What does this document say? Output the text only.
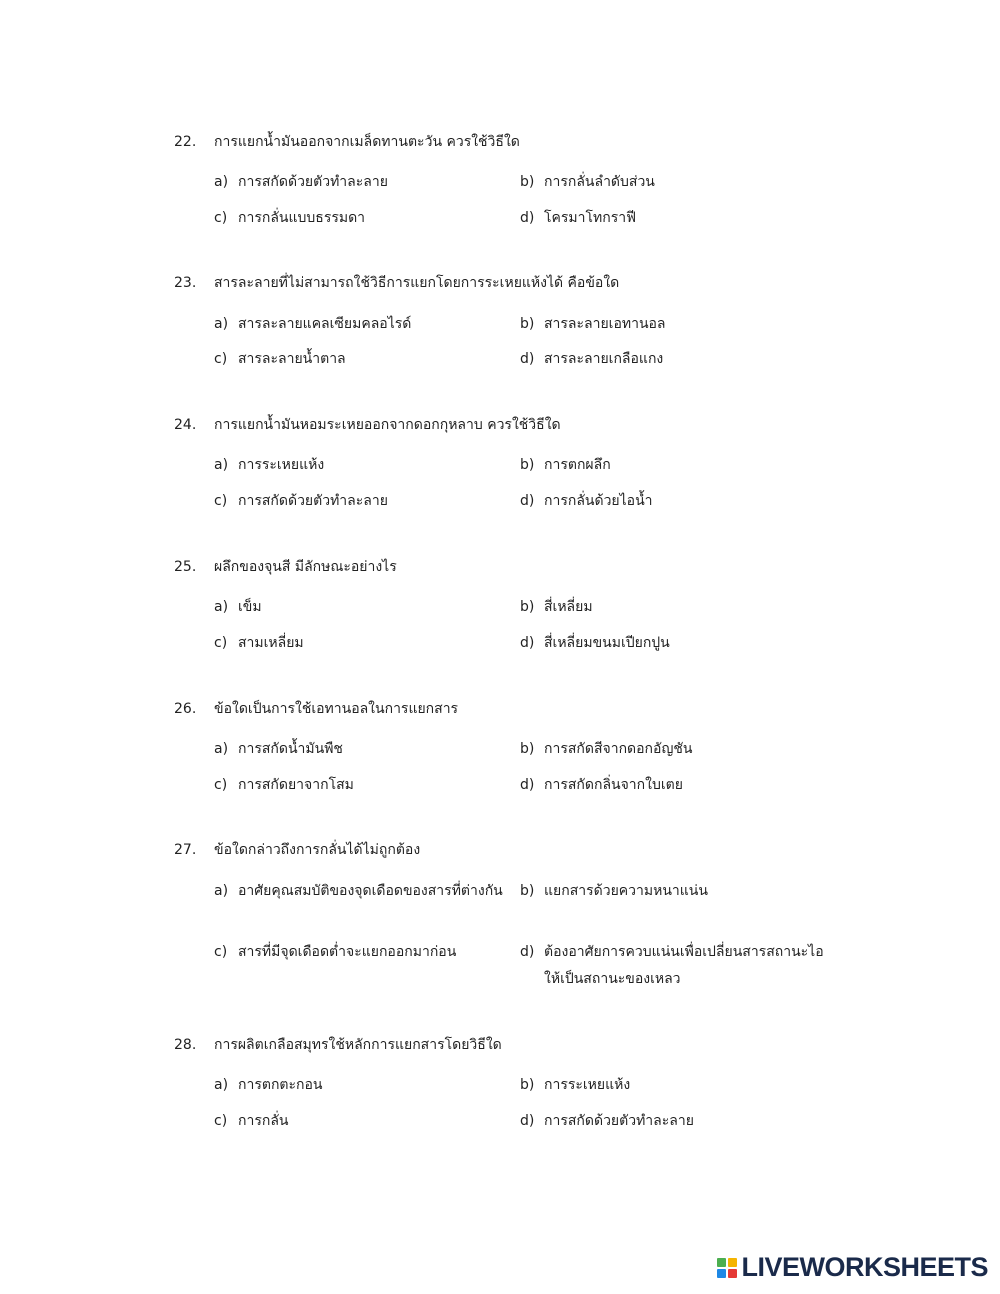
22. การแยกน้ำมันออกจากเมล็ดทานตะวัน ควรใช้วิธีใด
a) การสกัดด้วยตัวทำละลาย	b) การกลั่นลำดับส่วน
c) การกลั่นแบบธรรมดา	d) โครมาโทกราฟี
23. สารละลายที่ไม่สามารถใช้วิธีการแยกโดยการระเหยแห้งได้ คือข้อใด
a) สารละลายแคลเซียมคลอไรด์	b) สารละลายเอทานอล
c) สารละลายน้ำตาล	d) สารละลายเกลือแกง
24. การแยกน้ำมันหอมระเหยออกจากดอกกุหลาบ ควรใช้วิธีใด
a) การระเหยแห้ง	b) การตกผลึก
c) การสกัดด้วยตัวทำละลาย	d) การกลั่นด้วยไอน้ำ
25. ผลึกของจุนสี มีลักษณะอย่างไร
a) เข็ม	b) สี่เหลี่ยม
c) สามเหลี่ยม	d) สี่เหลี่ยมขนมเปียกปูน
26. ข้อใดเป็นการใช้เอทานอลในการแยกสาร
a) การสกัดน้ำมันพืช	b) การสกัดสีจากดอกอัญชัน
c) การสกัดยาจากโสม	d) การสกัดกลิ่นจากใบเตย
27. ข้อใดกล่าวถึงการกลั่นได้ไม่ถูกต้อง
a) อาศัยคุณสมบัติของจุดเดือดของสารที่ต่างกัน b) แยกสารด้วยความหนาแน่น
c) สารที่มีจุดเดือดต่ำจะแยกออกมาก่อน	d) ต้องอาศัยการควบแน่นเพื่อเปลี่ยนสารสถานะไอให้เป็นสถานะของเหลว
28. การผลิตเกลือสมุทรใช้หลักการแยกสารโดยวิธีใด
a) การตกตะกอน	b) การระเหยแห้ง
c) การกลั่น	d) การสกัดด้วยตัวทำละลาย
LIVEWORKSHEETS
